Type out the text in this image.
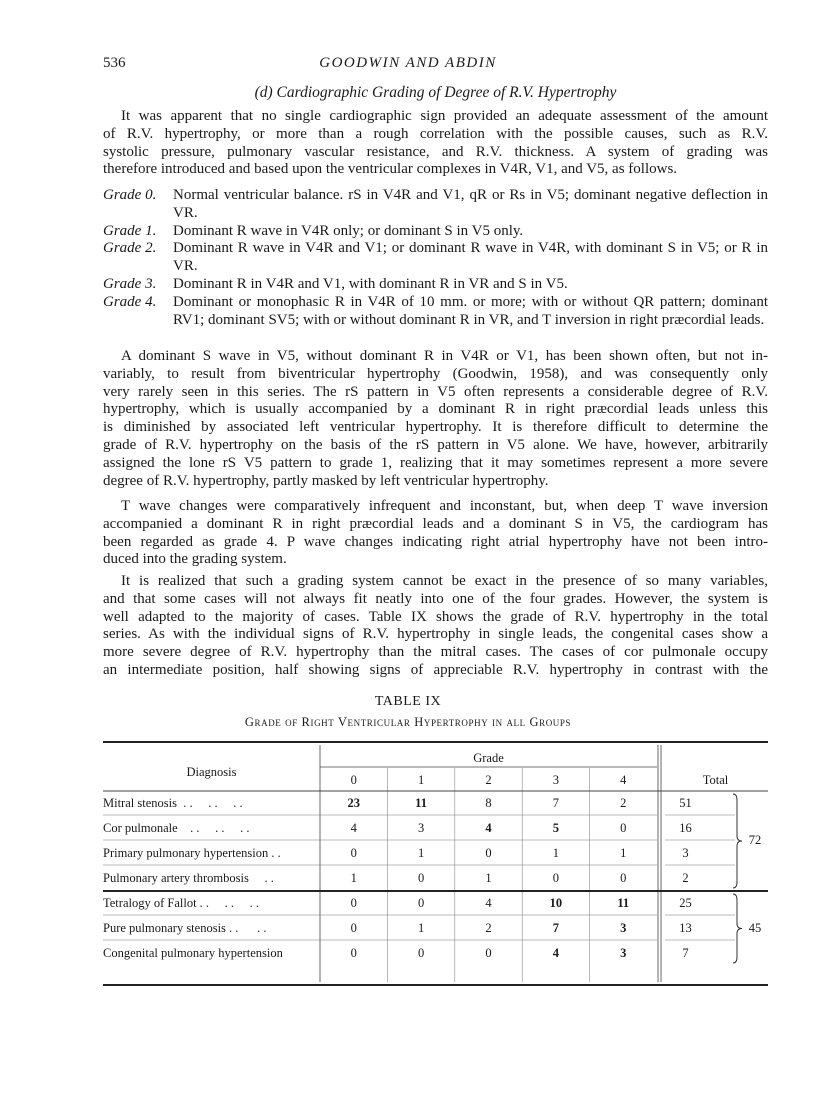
536	GOODWIN AND ABDIN
(d) Cardiographic Grading of Degree of R.V. Hypertrophy
It was apparent that no single cardiographic sign provided an adequate assessment of the amount
of R.V. hypertrophy, or more than a rough correlation with the possible causes, such as R.V.
systolic pressure, pulmonary vascular resistance, and R.V. thickness. A system of grading was
therefore introduced and based upon the ventricular complexes in V4R, V1, and V5, as follows.
Grade 0.	Normal ventricular balance. rS in V4R and V1, qR or Rs in V5; dominant negative deflection in VR.
Grade 1.	Dominant R wave in V4R only; or dominant S in V5 only.
Grade 2.	Dominant R wave in V4R and V1; or dominant R wave in V4R, with dominant S in V5; or R in VR.
Grade 3.	Dominant R in V4R and V1, with dominant R in VR and S in V5.
Grade 4.	Dominant or monophasic R in V4R of 10 mm. or more; with or without QR pattern; dominant RV1; dominant SV5; with or without dominant R in VR, and T inversion in right præcordial leads.
A dominant S wave in V5, without dominant R in V4R or V1, has been shown often, but not in-
variably, to result from biventricular hypertrophy (Goodwin, 1958), and was consequently only
very rarely seen in this series. The rS pattern in V5 often represents a considerable degree of R.V.
hypertrophy, which is usually accompanied by a dominant R in right præcordial leads unless this
is diminished by associated left ventricular hypertrophy. It is therefore difficult to determine the
grade of R.V. hypertrophy on the basis of the rS pattern in V5 alone. We have, however, arbitrarily
assigned the lone rS V5 pattern to grade 1, realizing that it may sometimes represent a more severe
degree of R.V. hypertrophy, partly masked by left ventricular hypertrophy.
T wave changes were comparatively infrequent and inconstant, but, when deep T wave inversion
accompanied a dominant R in right præcordial leads and a dominant S in V5, the cardiogram has
been regarded as grade 4. P wave changes indicating right atrial hypertrophy have not been intro-
duced into the grading system.
It is realized that such a grading system cannot be exact in the presence of so many variables,
and that some cases will not always fit neatly into one of the four grades. However, the system is
well adapted to the majority of cases. Table IX shows the grade of R.V. hypertrophy in the total
series. As with the individual signs of R.V. hypertrophy in single leads, the congenital cases show a
more severe degree of R.V. hypertrophy than the mitral cases. The cases of cor pulmonale occupy
an intermediate position, half showing signs of appreciable R.V. hypertrophy in contrast with the
TABLE IX
Grade of Right Ventricular Hypertrophy in all Groups
Diagnosis
Grade
0	1	2	3	4	Total
Mitral stenosis  . .     . .     . .	23	11	8	7	2	51
Cor pulmonale    . .     . .     . .	4	3	4	5	0	16
Primary pulmonary hypertension . .	0	1	0	1	1	3
Pulmonary artery thrombosis     . .	1	0	1	0	0	2
72
Tetralogy of Fallot . .     . .     . .	0	0	4	10	11	25
Pure pulmonary stenosis . .      . .	0	1	2	7	3	13
Congenital pulmonary hypertension	0	0	0	4	3	7
45
